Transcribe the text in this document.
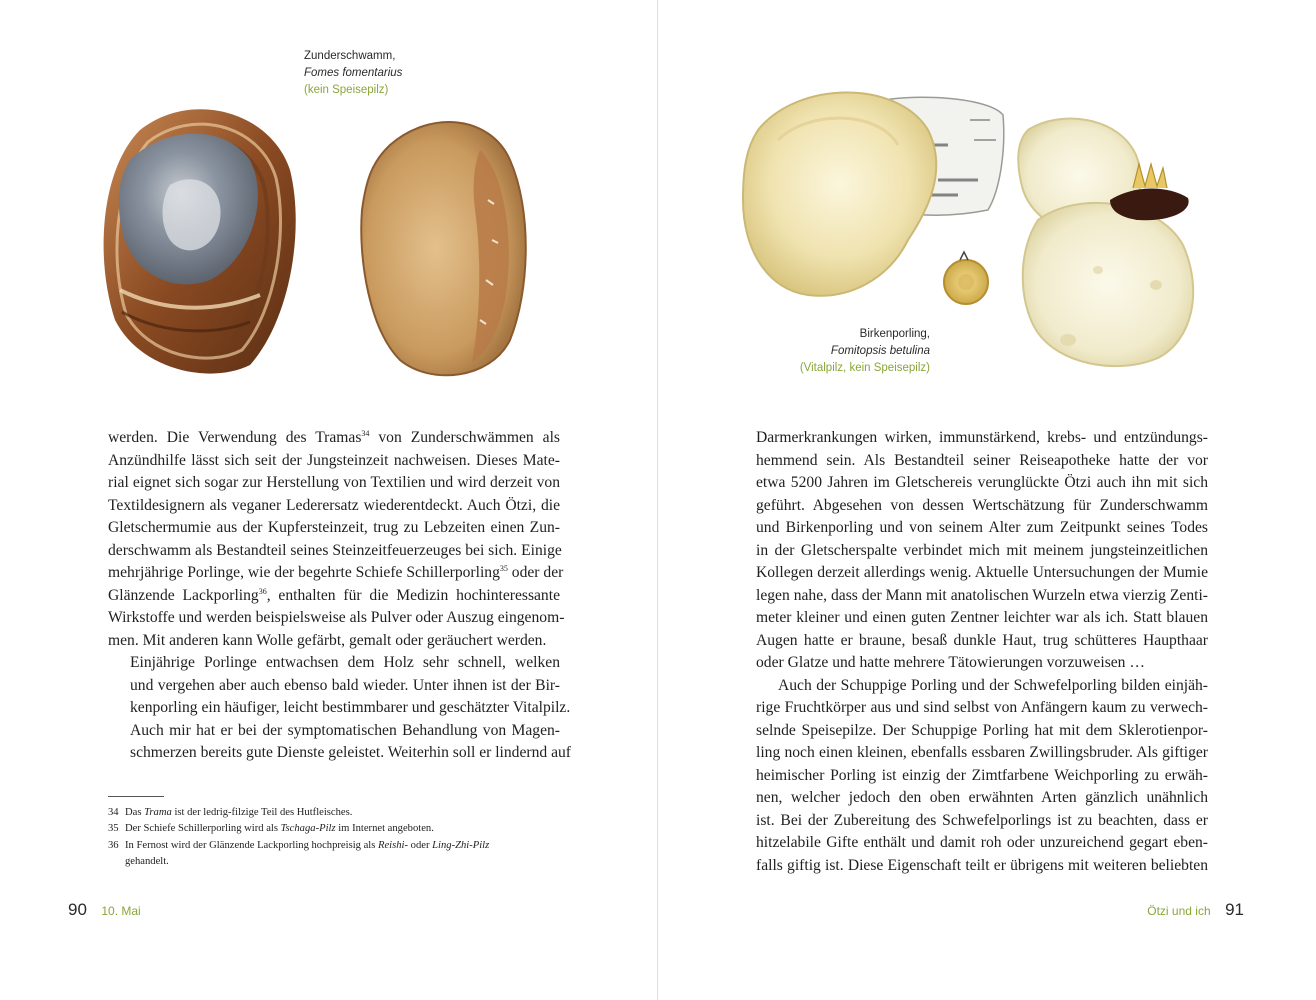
Zunderschwamm,
Fomes fomentarius
(kein Speisepilz)

werden. Die Verwendung des Tramas$^{34}$ von Zunderschwämmen als
Anzündhilfe lässt sich seit der Jungsteinzeit nachweisen. Dieses Mate-
rial eignet sich sogar zur Herstellung von Textilien und wird derzeit von
Textildesignern als veganer Lederersatz wiederentdeckt. Auch Ötzi, die
Gletschermumie aus der Kupfersteinzeit, trug zu Lebzeiten einen Zun-
derschwamm als Bestandteil seines Steinzeitfeuerzeuges bei sich. Einige
mehrjährige Porlinge, wie der begehrte Schiefe Schillerporling$^{35}$ oder der
Glänzende Lackporling$^{36}$, enthalten für die Medizin hochinteressante
Wirkstoffe und werden beispielsweise als Pulver oder Auszug eingenom-
men. Mit anderen kann Wolle gefärbt, gemalt oder geräuchert werden.

Einjährige Porlinge entwachsen dem Holz sehr schnell, welken
und vergehen aber auch ebenso bald wieder. Unter ihnen ist der Bir-
kenporling ein häufiger, leicht bestimmbarer und geschätzter Vitalpilz.
Auch mir hat er bei der symptomatischen Behandlung von Magen-
schmerzen bereits gute Dienste geleistet. Weiterhin soll er lindernd auf

34 Das Trama ist der ledrig-filzige Teil des Hutfleisches.
35 Der Schiefe Schillerporling wird als Tschaga-Pilz im Internet angeboten.
36 In Fernost wird der Glänzende Lackporling hochpreisig als Reishi- oder Ling-Zhi-Pilz
gehandelt.
90 10. Mai
Birkenporling,
Fomitopsis betulina
(Vitalpilz, kein Speisepilz)

Darmerkrankungen wirken, immunstärkend, krebs- und entzündungs-
hemmend sein. Als Bestandteil seiner Reiseapotheke hatte der vor
etwa 5200 Jahren im Gletschereis verunglückte Ötzi auch ihn mit sich
geführt. Abgesehen von dessen Wertschätzung für Zunderschwamm
und Birkenporling und von seinem Alter zum Zeitpunkt seines Todes
in der Gletscherspalte verbindet mich mit meinem jungsteinzeitlichen
Kollegen derzeit allerdings wenig. Aktuelle Untersuchungen der Mumie
legen nahe, dass der Mann mit anatolischen Wurzeln etwa vierzig Zenti-
meter kleiner und einen guten Zentner leichter war als ich. Statt blauen
Augen hatte er braune, besaß dunkle Haut, trug schütteres Haupthaar
oder Glatze und hatte mehrere Tätowierungen vorzuweisen …

Auch der Schuppige Porling und der Schwefelporling bilden einjäh-
rige Fruchtkörper aus und sind selbst von Anfängern kaum zu verwech-
selnde Speisepilze. Der Schuppige Porling hat mit dem Sklerotienpor-
ling noch einen kleinen, ebenfalls essbaren Zwillingsbruder. Als giftiger
heimischer Porling ist einzig der Zimtfarbene Weichporling zu erwäh-
nen, welcher jedoch den oben erwähnten Arten gänzlich unähnlich
ist. Bei der Zubereitung des Schwefelporlings ist zu beachten, dass er
hitzelabile Gifte enthält und damit roh oder unzureichend gegart eben-
falls giftig ist. Diese Eigenschaft teilt er übrigens mit weiteren beliebten

Ötzi und ich 91
